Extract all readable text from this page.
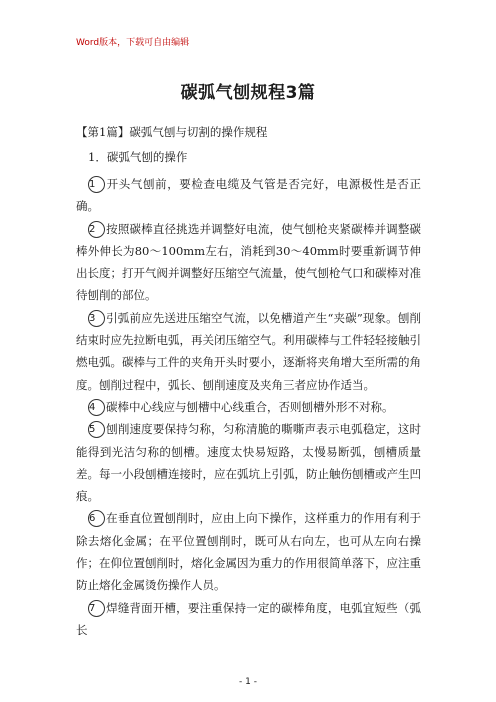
Word版本，下载可自由编辑
碳弧气刨规程3篇
【第1篇】碳弧气刨与切割的操作规程
1．碳弧气刨的操作

1 开头气刨前，要检查电缆及气管是否完好，电源极性是否正确。

2 按照碳棒直径挑选并调整好电流，使气刨枪夹紧碳棒并调整碳棒外伸长为80～100mm左右，消耗到30～40mm时要重新调节伸出长度；打开气阀并调整好压缩空气流量，使气刨枪气口和碳棒对准待刨削的部位。

3 引弧前应先送进压缩空气流，以免槽道产生“夹碳”现象。刨削结束时应先拉断电弧，再关闭压缩空气。利用碳棒与工件轻轻接触引燃电弧。碳棒与工件的夹角开头时要小，逐渐将夹角增大至所需的角度。刨削过程中，弧长、刨削速度及夹角三者应协作适当。

4 碳棒中心线应与刨槽中心线重合，否则刨槽外形不对称。

5 刨削速度要保持匀称，匀称清脆的嘶嘶声表示电弧稳定，这时能得到光洁匀称的刨槽。速度太快易短路，太慢易断弧，刨槽质量差。每一小段刨槽连接时，应在弧坑上引弧，防止触伤刨槽或产生凹痕。

6 在垂直位置刨削时，应由上向下操作，这样重力的作用有利于除去熔化金属；在平位置刨削时，既可从右向左，也可从左向右操作；在仰位置刨削时，熔化金属因为重力的作用很简单落下，应注重防止熔化金属烫伤操作人员。

7 焊缝背面开槽，要注重保持一定的碳棒角度，电弧宜短些（弧长

- 1 -
